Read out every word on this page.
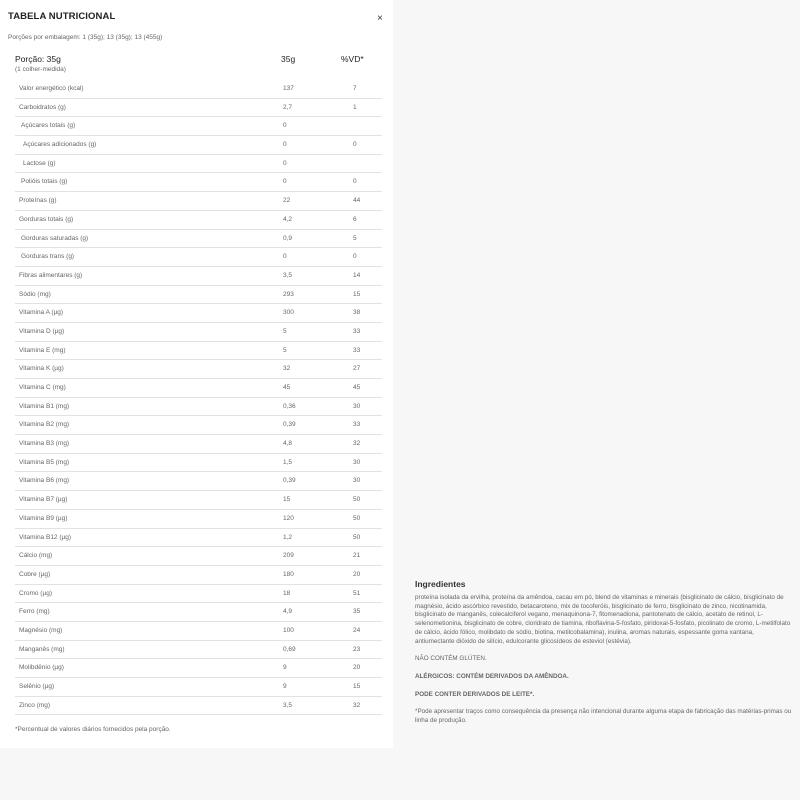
TABELA NUTRICIONAL	×
Porções por embalagem: 1 (35g); 13 (35g); 13 (455g)
Porção: 35g
(1 colher-medida)
35g	%VD*
Valor energético (kcal)	137	7
Carboidratos (g)	2,7	1
Açúcares totais (g)	0
Açúcares adicionados (g)	0	0
Lactose (g)	0
Polióis totais (g)	0	0
Proteínas (g)	22	44
Gorduras totais (g)	4,2	6
Gorduras saturadas (g)	0,9	5
Gorduras trans (g)	0	0
Fibras alimentares (g)	3,5	14
Sódio (mg)	293	15
Vitamina A (µg)	300	38
Vitamina D (µg)	5	33
Vitamina E (mg)	5	33
Vitamina K (µg)	32	27
Vitamina C (mg)	45	45
Vitamina B1 (mg)	0,36	30
Vitamina B2 (mg)	0,39	33
Vitamina B3 (mg)	4,8	32
Vitamina B5 (mg)	1,5	30
Vitamina B6 (mg)	0,39	30
Vitamina B7 (µg)	15	50
Vitamina B9 (µg)	120	50
Vitamina B12 (µg)	1,2	50
Cálcio (mg)	209	21
Cobre (µg)	180	20
Cromo (µg)	18	51
Ferro (mg)	4,9	35
Magnésio (mg)	100	24
Manganês (mg)	0,69	23
Molibdênio (µg)	9	20
Selênio (µg)	9	15
Zinco (mg)	3,5	32
*Percentual de valores diários fornecidos pela porção.
Ingredientes

proteína isolada da ervilha, proteína da amêndoa, cacau em pó, blend de vitaminas e minerais (bisglicinato de cálcio, bisglicinato de magnésio, ácido ascórbico revestido, betacaroteno, mix de tocoferóis, bisglicinato de ferro, bisglicinato de zinco, nicotinamida, bisglicinato de manganês, colecalciferol vegano, menaquinona-7, fitomenadiona, pantotenato de cálcio, acetato de retinol, L-selenometionina, bisglicinato de cobre, cloridrato de tiamina, riboflavina-5-fosfato, piridoxal-5-fosfato, picolinato de cromo, L-metilfolato de cálcio, ácido fólico, molibdato de sódio, biotina, metilcobalamina), inulina, aromas naturais, espessante goma xantana, antiumectante dióxido de silício, edulcorante glicosídeos de esteviol (estévia).

NÃO CONTÉM GLÚTEN.

ALÉRGICOS: CONTÉM DERIVADOS DA AMÊNDOA.

PODE CONTER DERIVADOS DE LEITE*.

*Pode apresentar traços como consequência da presença não intencional durante alguma etapa de fabricação das matérias-primas ou linha de produção.
